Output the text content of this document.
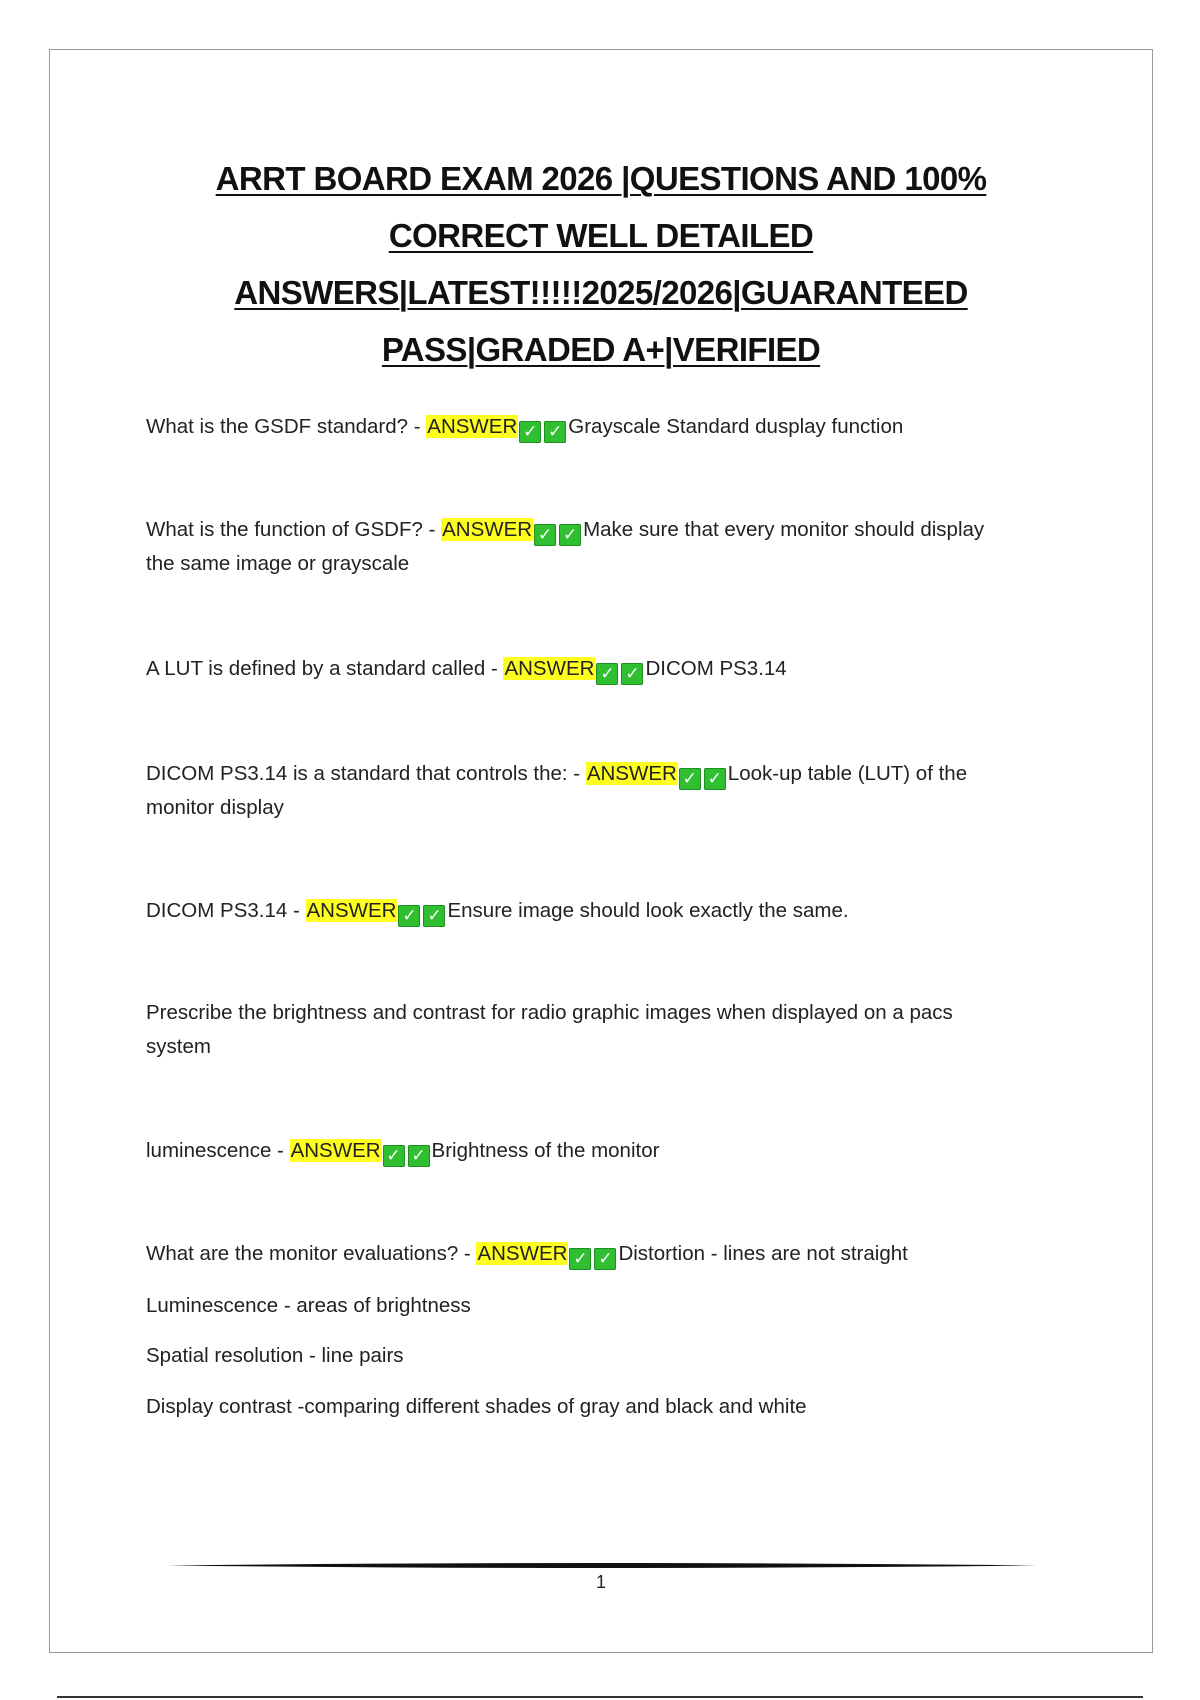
ARRT BOARD EXAM 2026 |QUESTIONS AND 100%
CORRECT WELL DETAILED
ANSWERS|LATEST!!!!!2025/2026|GUARANTEED
PASS|GRADED A+|VERIFIED
What is the GSDF standard? - ANSWER ✓ ✓ Grayscale Standard dusplay function
What is the function of GSDF? - ANSWER ✓ ✓ Make sure that every monitor should display
the same image or grayscale
A LUT is defined by a standard called - ANSWER ✓ ✓ DICOM PS3.14
DICOM PS3.14 is a standard that controls the: - ANSWER ✓ ✓ Look-up table (LUT) of the
monitor display
DICOM PS3.14 - ANSWER ✓ ✓ Ensure image should look exactly the same.
Prescribe the brightness and contrast for radio graphic images when displayed on a pacs
system
luminescence - ANSWER ✓ ✓ Brightness of the monitor
What are the monitor evaluations? - ANSWER ✓ ✓ Distortion - lines are not straight
Luminescence - areas of brightness
Spatial resolution - line pairs
Display contrast -comparing different shades of gray and black and white
1
